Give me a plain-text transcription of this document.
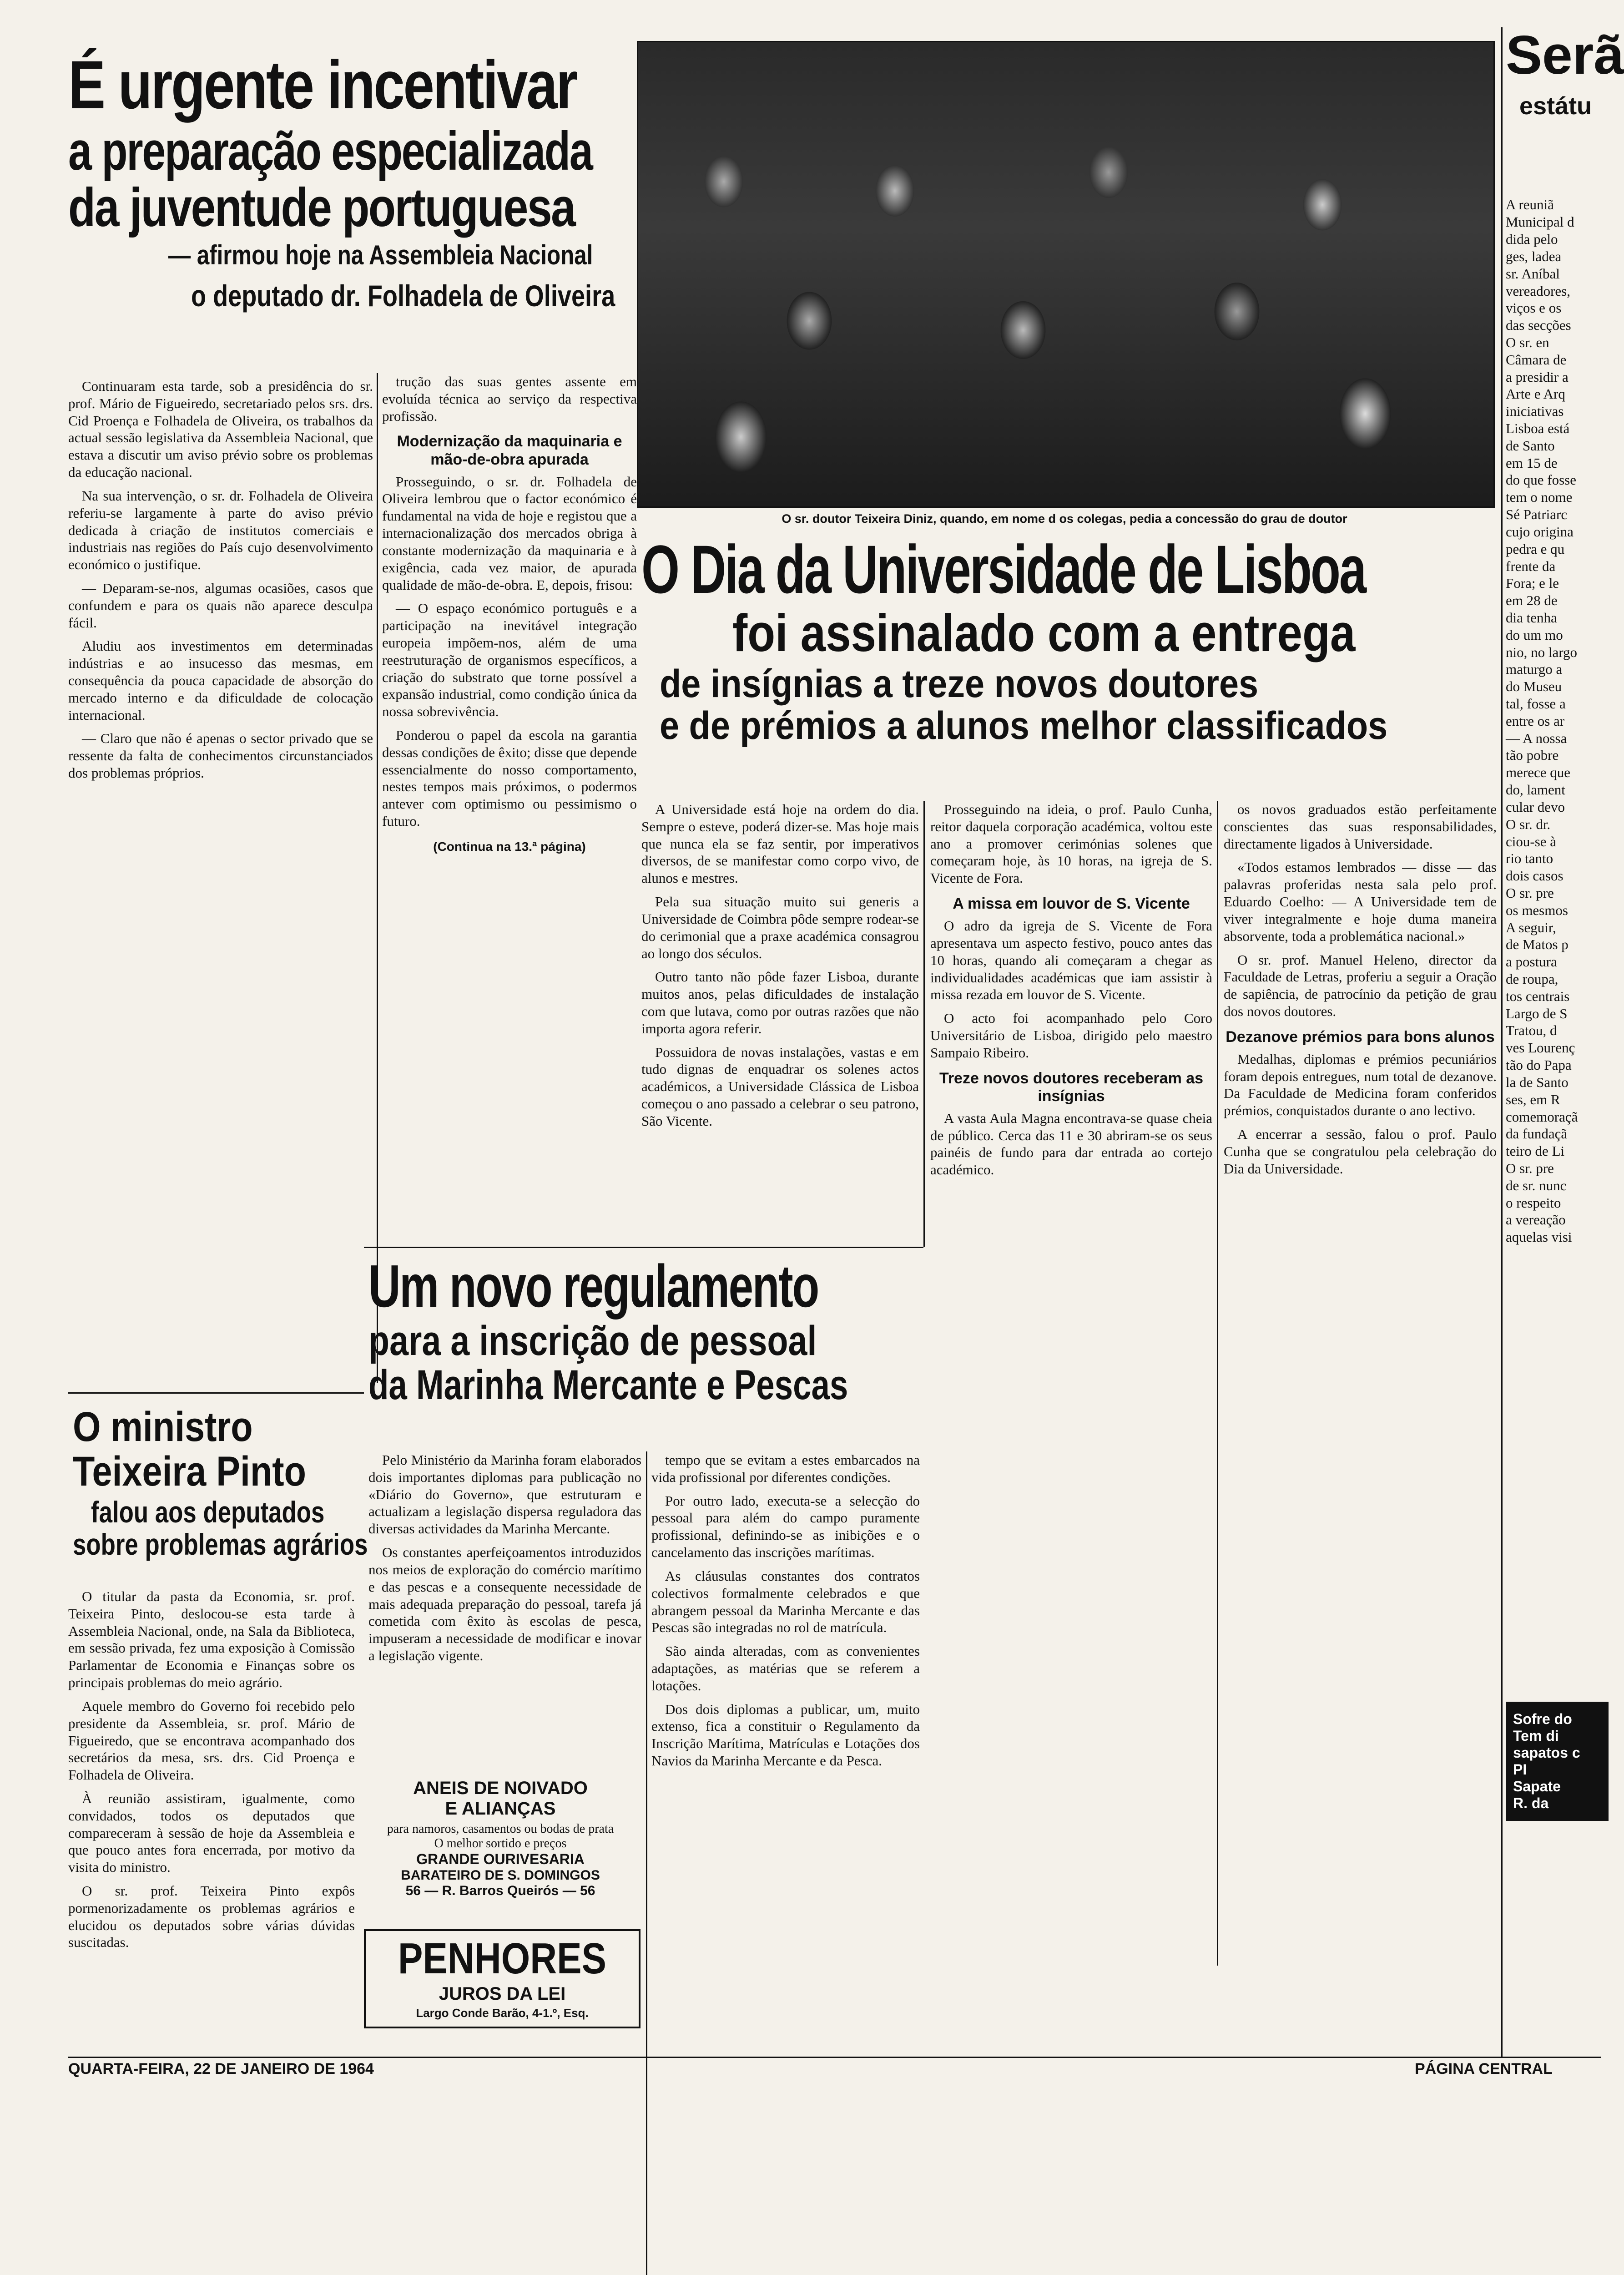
É urgente incentivar
a preparação especializada
da juventude portuguesa
— afirmou hoje na Assembleia Nacional
o deputado dr. Folhadela de Oliveira

Continuaram esta tarde, sob a presidência do sr. prof. Mário de Figueiredo, secretariado pelos srs. drs. Cid Proença e Folhadela de Oliveira, os trabalhos da actual sessão legislativa da Assembleia Nacional, que estava a discutir um aviso prévio sobre os problemas da educação nacional.

Na sua intervenção, o sr. dr. Folhadela de Oliveira referiu-se largamente à parte do aviso prévio dedicada à criação de institutos comerciais e industriais nas regiões do País cujo desenvolvimento económico o justifique.

— Deparam-se-nos, algumas ocasiões, casos que confundem e para os quais não aparece desculpa fácil.

Aludiu aos investimentos em determinadas indústrias e ao insucesso das mesmas, em consequência da pouca capacidade de absorção do mercado interno e da dificuldade de colocação internacional.

— Claro que não é apenas o sector privado que se ressente da falta de conhecimentos circunstanciados dos problemas próprios.

trução das suas gentes assente em evoluída técnica ao serviço da respectiva profissão.

Modernização da maquinaria e mão-de-obra apurada

Prosseguindo, o sr. dr. Folhadela de Oliveira lembrou que o factor económico é fundamental na vida de hoje e registou que a internacionalização dos mercados obriga à constante modernização da maquinaria e à exigência, cada vez maior, de apurada qualidade de mão-de-obra. E, depois, frisou:

— O espaço económico português e a participação na inevitável integração europeia impõem-nos, além de uma reestruturação de organismos específicos, a criação do substrato que torne possível a expansão industrial, como condição única da nossa sobrevivência.

Ponderou o papel da escola na garantia dessas condições de êxito; disse que depende essencialmente do nosso comportamento, nestes tempos mais próximos, o podermos antever com optimismo ou pessimismo o futuro.

(Continua na 13.ª página)
O sr. doutor Teixeira Diniz, quando, em nome d os colegas, pedia a concessão do grau de doutor
O Dia da Universidade de Lisboa
foi assinalado com a entrega
de insígnias a treze novos doutores
e de prémios a alunos melhor classificados

A Universidade está hoje na ordem do dia. Sempre o esteve, poderá dizer-se. Mas hoje mais que nunca ela se faz sentir, por imperativos diversos, de se manifestar como corpo vivo, de alunos e mestres.

Pela sua situação muito sui generis a Universidade de Coimbra pôde sempre rodear-se do cerimonial que a praxe académica consagrou ao longo dos séculos.

Outro tanto não pôde fazer Lisboa, durante muitos anos, pelas dificuldades de instalação com que lutava, como por outras razões que não importa agora referir.

Possuidora de novas instalações, vastas e em tudo dignas de enquadrar os solenes actos académicos, a Universidade Clássica de Lisboa começou o ano passado a celebrar o seu patrono, São Vicente.

Prosseguindo na ideia, o prof. Paulo Cunha, reitor daquela corporação académica, voltou este ano a promover cerimónias solenes que começaram hoje, às 10 horas, na igreja de S. Vicente de Fora.

A missa em louvor de S. Vicente

O adro da igreja de S. Vicente de Fora apresentava um aspecto festivo, pouco antes das 10 horas, quando ali começaram a chegar as individualidades académicas que iam assistir à missa rezada em louvor de S. Vicente.

O acto foi acompanhado pelo Coro Universitário de Lisboa, dirigido pelo maestro Sampaio Ribeiro.

Treze novos doutores receberam as insígnias

A vasta Aula Magna encontrava-se quase cheia de público. Cerca das 11 e 30 abriram-se os seus painéis de fundo para dar entrada ao cortejo académico.

os novos graduados estão perfeitamente conscientes das suas responsabilidades, directamente ligados à Universidade.

«Todos estamos lembrados — disse — das palavras proferidas nesta sala pelo prof. Eduardo Coelho: — A Universidade tem de viver integralmente e hoje duma maneira absorvente, toda a problemática nacional.»

O sr. prof. Manuel Heleno, director da Faculdade de Letras, proferiu a seguir a Oração de sapiência, de patrocínio da petição de grau dos novos doutores.

Dezanove prémios para bons alunos

Medalhas, diplomas e prémios pecuniários foram depois entregues, num total de dezanove. Da Faculdade de Medicina foram conferidos prémios, conquistados durante o ano lectivo.

A encerrar a sessão, falou o prof. Paulo Cunha que se congratulou pela celebração do Dia da Universidade.

Um novo regulamento
para a inscrição de pessoal
da Marinha Mercante e Pescas

Pelo Ministério da Marinha foram elaborados dois importantes diplomas para publicação no «Diário do Governo», que estruturam e actualizam a legislação dispersa reguladora das diversas actividades da Marinha Mercante.

Os constantes aperfeiçoamentos introduzidos nos meios de exploração do comércio marítimo e das pescas e a consequente necessidade de mais adequada preparação do pessoal, tarefa já cometida com êxito às escolas de pesca, impuseram a necessidade de modificar e inovar a legislação vigente.

tempo que se evitam a estes embarcados na vida profissional por diferentes condições.

Por outro lado, executa-se a selecção do pessoal para além do campo puramente profissional, definindo-se as inibições e o cancelamento das inscrições marítimas.

As cláusulas constantes dos contratos colectivos formalmente celebrados e que abrangem pessoal da Marinha Mercante e das Pescas são integradas no rol de matrícula.

São ainda alteradas, com as convenientes adaptações, as matérias que se referem a lotações.

Dos dois diplomas a publicar, um, muito extenso, fica a constituir o Regulamento da Inscrição Marítima, Matrículas e Lotações dos Navios da Marinha Mercante e da Pesca.

ANEIS DE NOIVADO
E ALIANÇAS
para namoros, casamentos ou bodas de prata
O melhor sortido e preços
GRANDE OURIVESARIA
BARATEIRO DE S. DOMINGOS
56 — R. Barros Queirós — 56
PENHORES
JUROS DA LEI
Largo Conde Barão, 4-1.º, Esq.
O ministro
Teixeira Pinto
falou aos deputados
sobre problemas agrários

O titular da pasta da Economia, sr. prof. Teixeira Pinto, deslocou-se esta tarde à Assembleia Nacional, onde, na Sala da Biblioteca, em sessão privada, fez uma exposição à Comissão Parlamentar de Economia e Finanças sobre os principais problemas do meio agrário.

Aquele membro do Governo foi recebido pelo presidente da Assembleia, sr. prof. Mário de Figueiredo, que se encontrava acompanhado dos secretários da mesa, srs. drs. Cid Proença e Folhadela de Oliveira.

À reunião assistiram, igualmente, como convidados, todos os deputados que compareceram à sessão de hoje da Assembleia e que pouco antes fora encerrada, por motivo da visita do ministro.

O sr. prof. Teixeira Pinto expôs pormenorizadamente os problemas agrários e elucidou os deputados sobre várias dúvidas suscitadas.

Serã
estátu
A reuniã
Municipal d
dida pelo
ges, ladea
sr. Aníbal
vereadores,
viços e os
das secções
O sr. en
Câmara de
a presidir a
Arte e Arq
iniciativas
Lisboa está
de Santo
em 15 de
do que fosse
tem o nome
Sé Patriarc
cujo origina
pedra e qu
frente da
Fora; e le
em 28 de
dia tenha
do um mo
nio, no largo
maturgo a
do Museu
tal, fosse a
entre os ar
— A nossa
tão pobre
merece que
do, lament
cular devo
O sr. dr.
ciou-se à
rio tanto
dois casos
O sr. pre
os mesmos
A seguir,
de Matos p
a postura
de roupa,
tos centrais
Largo de S
Tratou, d
ves Lourenç
tão do Papa
la de Santo
ses, em R
comemoraçã
da fundaçã
teiro de Li
O sr. pre
de sr. nunc
o respeito
a vereação
aquelas visi
Sofre do
Tem di
sapatos c
PI
Sapate
R. da
QUARTA-FEIRA, 22 DE JANEIRO DE 1964	PÁGINA CENTRAL
